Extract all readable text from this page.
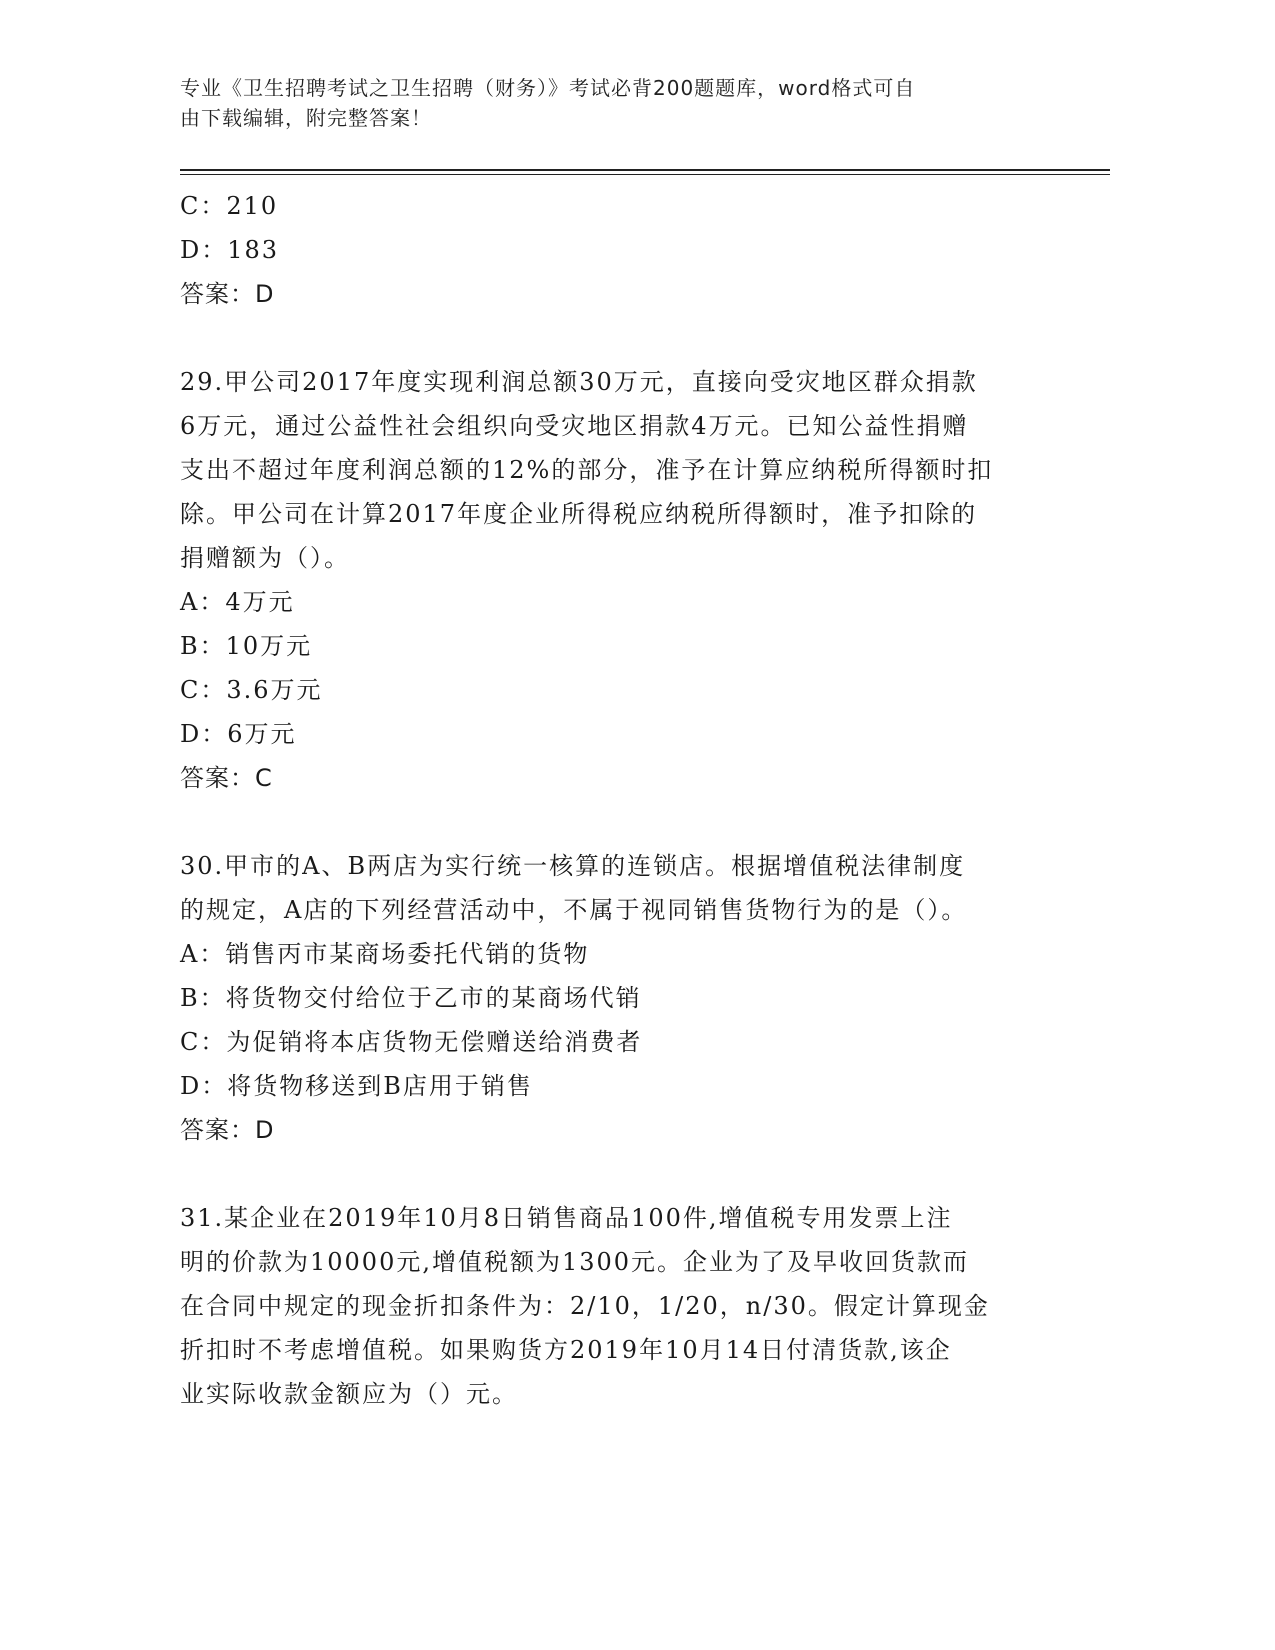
专业《卫生招聘考试之卫生招聘（财务）》考试必背200题题库，word格式可自
由下载编辑，附完整答案！
C：210
D：183
答案：D
29.甲公司2017年度实现利润总额30万元，直接向受灾地区群众捐款
6万元，通过公益性社会组织向受灾地区捐款4万元。已知公益性捐赠
支出不超过年度利润总额的12%的部分，准予在计算应纳税所得额时扣
除。甲公司在计算2017年度企业所得税应纳税所得额时，准予扣除的
捐赠额为（）。
A：4万元
B：10万元
C：3.6万元
D：6万元
答案：C
30.甲市的A、B两店为实行统一核算的连锁店。根据增值税法律制度
的规定，A店的下列经营活动中，不属于视同销售货物行为的是（）。
A：销售丙市某商场委托代销的货物
B：将货物交付给位于乙市的某商场代销
C：为促销将本店货物无偿赠送给消费者
D：将货物移送到B店用于销售
答案：D
31.某企业在2019年10月8日销售商品100件,增值税专用发票上注
明的价款为10000元,增值税额为1300元。企业为了及早收回货款而
在合同中规定的现金折扣条件为：2/10，1/20，n/30。假定计算现金
折扣时不考虑增值税。如果购货方2019年10月14日付清货款,该企
业实际收款金额应为（）元。
